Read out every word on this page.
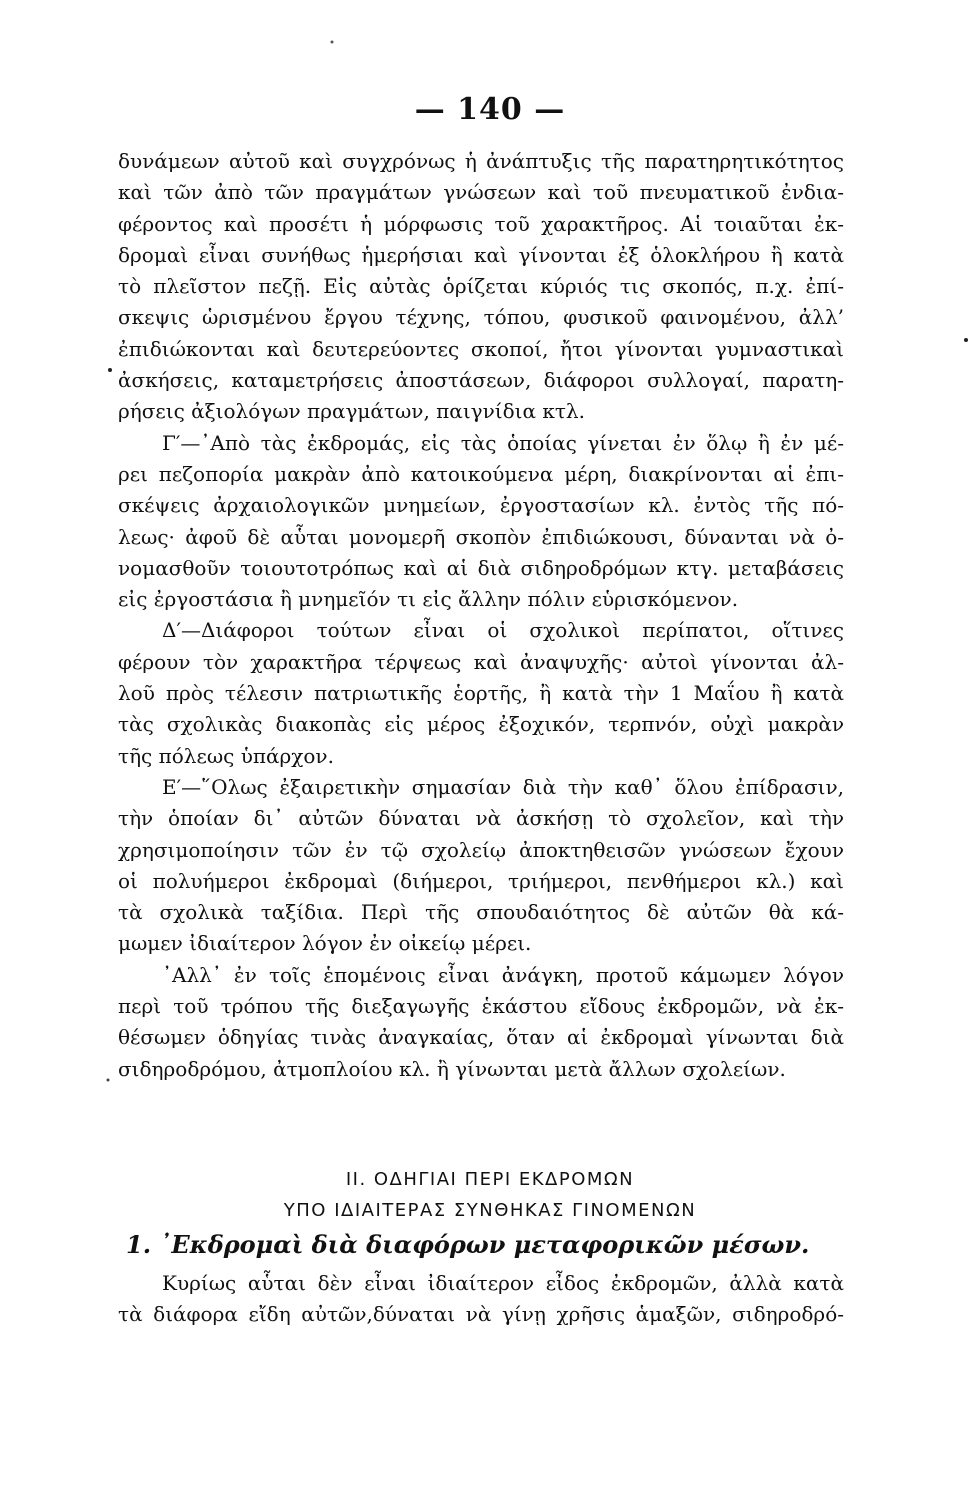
— 140 —
δυνάμεων αὐτοῦ καὶ συγχρόνως ἡ ἀνάπτυξις τῆς παρατηρητικότητος
καὶ τῶν ἀπὸ τῶν πραγμάτων γνώσεων καὶ τοῦ πνευματικοῦ ἐνδια-
φέροντος καὶ προσέτι ἡ μόρφωσις τοῦ χαρακτῆρος. Αἱ τοιαῦται ἐκ-
δρομαὶ εἶναι συνήθως ἡμερήσιαι καὶ γίνονται ἐξ ὁλοκλήρου ἢ κατὰ
τὸ πλεῖστον πεζῇ. Εἰς αὐτὰς ὁρίζεται κύριός τις σκοπός, π.χ. ἐπί-
σκεψις ὡρισμένου ἔργου τέχνης, τόπου, φυσικοῦ φαινομένου, ἀλλ’
ἐπιδιώκονται καὶ δευτερεύοντες σκοποί, ἤτοι γίνονται γυμναστικαὶ
ἀσκήσεις, καταμετρήσεις ἀποστάσεων, διάφοροι συλλογαί, παρατη-
ρήσεις ἀξιολόγων πραγμάτων, παιγνίδια κτλ.
Γ′—᾿Απὸ τὰς ἐκδρομάς, εἰς τὰς ὁποίας γίνεται ἐν ὅλῳ ἢ ἐν μέ-
ρει πεζοπορία μακρὰν ἀπὸ κατοικούμενα μέρη, διακρίνονται αἱ ἐπι-
σκέψεις ἀρχαιολογικῶν μνημείων, ἐργοστασίων κλ. ἐντὸς τῆς πό-
λεως· ἀφοῦ δὲ αὗται μονομερῆ σκοπὸν ἐπιδιώκουσι, δύνανται νὰ ὀ-
νομασθοῦν τοιουτοτρόπως καὶ αἱ διὰ σιδηροδρόμων κτγ. μεταβάσεις
εἰς ἐργοστάσια ἢ μνημεῖόν τι εἰς ἄλλην πόλιν εὑρισκόμενον.
Δ′—Διάφοροι τούτων εἶναι οἱ σχολικοὶ περίπατοι, οἵτινες
φέρουν τὸν χαρακτῆρα τέρψεως καὶ ἀναψυχῆς· αὐτοὶ γίνονται ἀλ-
λοῦ πρὸς τέλεσιν πατριωτικῆς ἑορτῆς, ἢ κατὰ τὴν 1 Μαΐου ἢ κατὰ
τὰς σχολικὰς διακοπὰς εἰς μέρος ἐξοχικόν, τερπνόν, οὐχὶ μακρὰν
τῆς πόλεως ὑπάρχον.
Ε′—῞Ολως ἐξαιρετικὴν σημασίαν διὰ τὴν καθ᾿ ὅλου ἐπίδρασιν,
τὴν ὁποίαν δι᾿ αὐτῶν δύναται νὰ ἀσκήσῃ τὸ σχολεῖον, καὶ τὴν
χρησιμοποίησιν τῶν ἐν τῷ σχολείῳ ἀποκτηθεισῶν γνώσεων ἔχουν
οἱ πολυήμεροι ἐκδρομαὶ (διήμεροι, τριήμεροι, πενθήμεροι κλ.) καὶ
τὰ σχολικὰ ταξίδια. Περὶ τῆς σπουδαιότητος δὲ αὐτῶν θὰ κά-
μωμεν ἰδιαίτερον λόγον ἐν οἰκείῳ μέρει.
᾿Αλλ᾿ ἐν τοῖς ἑπομένοις εἶναι ἀνάγκη, προτοῦ κάμωμεν λόγον
περὶ τοῦ τρόπου τῆς διεξαγωγῆς ἑκάστου εἴδους ἐκδρομῶν, νὰ ἐκ-
θέσωμεν ὁδηγίας τινὰς ἀναγκαίας, ὅταν αἱ ἐκδρομαὶ γίνωνται διὰ
σιδηροδρόμου, ἀτμοπλοίου κλ. ἢ γίνωνται μετὰ ἄλλων σχολείων.
II. ΟΔΗΓΙΑΙ ΠΕΡΙ ΕΚΔΡΟΜΩΝ
ΥΠΟ ΙΔΙΑΙΤΕΡΑΣ ΣΥΝΘΗΚΑΣ ΓΙΝΟΜΕΝΩΝ
1. ᾿Εκδρομαὶ διὰ διαφόρων μεταφορικῶν μέσων.
Κυρίως αὗται δὲν εἶναι ἰδιαίτερον εἶδος ἐκδρομῶν, ἀλλὰ κατὰ
τὰ διάφορα εἴδη αὐτῶν,δύναται νὰ γίνῃ χρῆσις ἁμαξῶν, σιδηροδρό-
